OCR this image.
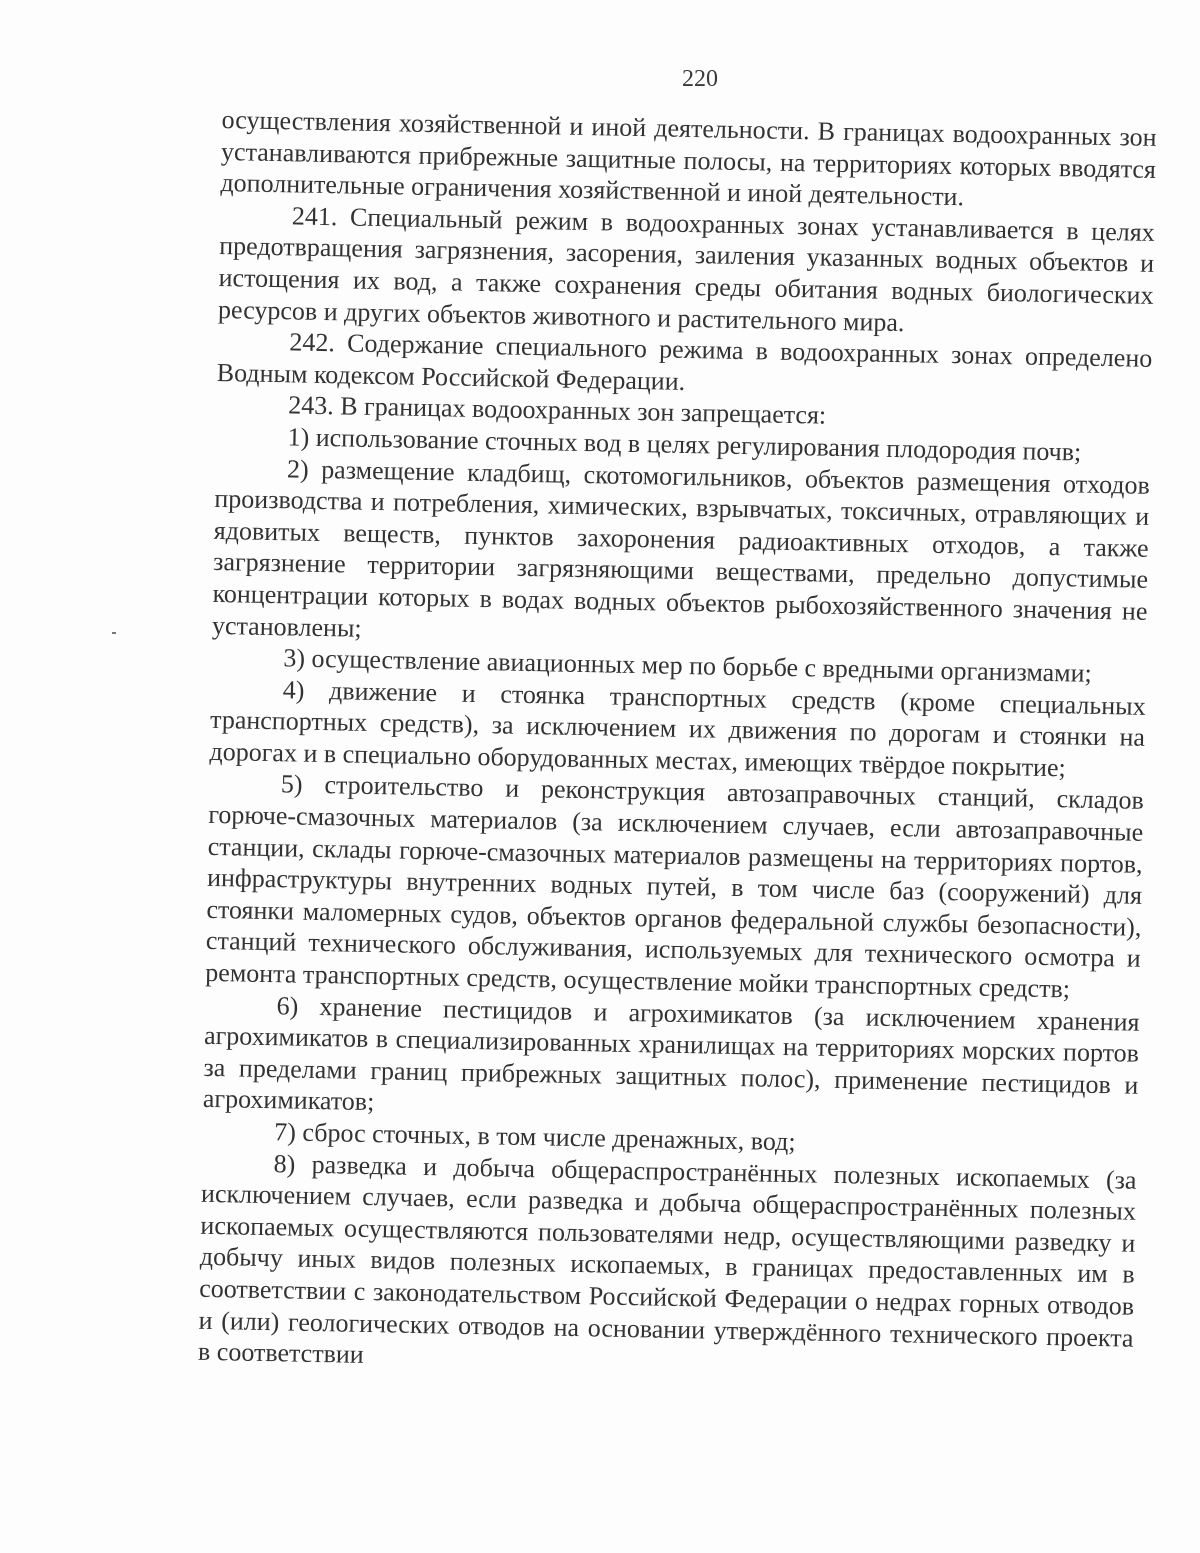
220

осуществления хозяйственной и иной деятельности. В границах водоохранных зон устанавливаются прибрежные защитные полосы, на территориях которых вводятся дополнительные ограничения хозяйственной и иной деятельности.

241. Специальный режим в водоохранных зонах устанавливается в целях предотвращения загрязнения, засорения, заиления указанных водных объектов и истощения их вод, а также сохранения среды обитания водных биологических ресурсов и других объектов животного и растительного мира.

242. Содержание специального режима в водоохранных зонах определено Водным кодексом Российской Федерации.

243. В границах водоохранных зон запрещается:

1) использование сточных вод в целях регулирования плодородия почв;

2) размещение кладбищ, скотомогильников, объектов размещения отходов производства и потребления, химических, взрывчатых, токсичных, отравляющих и ядовитых веществ, пунктов захоронения радиоактивных отходов, а также загрязнение территории загрязняющими веществами, предельно допустимые концентрации которых в водах водных объектов рыбохозяйственного значения не установлены;

3) осуществление авиационных мер по борьбе с вредными организмами;

4) движение и стоянка транспортных средств (кроме специальных транспортных средств), за исключением их движения по дорогам и стоянки на дорогах и в специально оборудованных местах, имеющих твёрдое покрытие;

5) строительство и реконструкция автозаправочных станций, складов горюче-смазочных материалов (за исключением случаев, если автозаправочные станции, склады горюче-смазочных материалов размещены на территориях портов, инфраструктуры внутренних водных путей, в том числе баз (сооружений) для стоянки маломерных судов, объектов органов федеральной службы безопасности), станций технического обслуживания, используемых для технического осмотра и ремонта транспортных средств, осуществление мойки транспортных средств;

6) хранение пестицидов и агрохимикатов (за исключением хранения агрохимикатов в специализированных хранилищах на территориях морских портов за пределами границ прибрежных защитных полос), применение пестицидов и агрохимикатов;

7) сброс сточных, в том числе дренажных, вод;

8) разведка и добыча общераспространённых полезных ископаемых (за исключением случаев, если разведка и добыча общераспространённых полезных ископаемых осуществляются пользователями недр, осуществляющими разведку и добычу иных видов полезных ископаемых, в границах предоставленных им в соответствии с законодательством Российской Федерации о недрах горных отводов и (или) геологических отводов на основании утверждённого технического проекта в соответствии
